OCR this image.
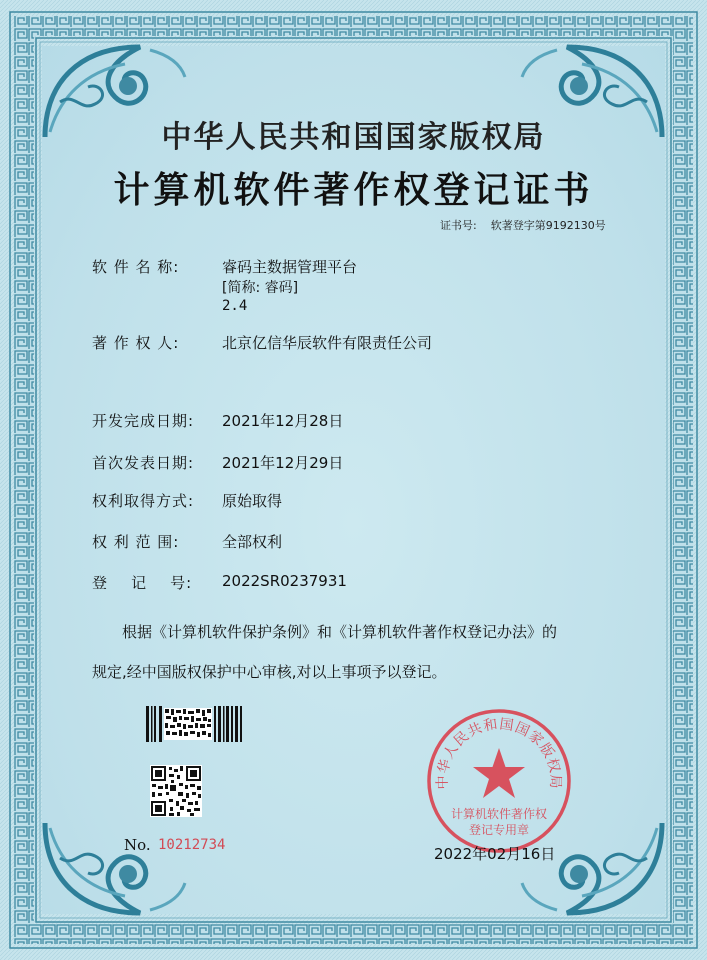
中华人民共和国国家版权局
计算机软件著作权登记证书
证书号: 软著登字第9192130号
软 件 名 称:	睿码主数据管理平台
[简称: 睿码]
2.4
著 作 权 人:	北京亿信华辰软件有限责任公司
开发完成日期: 2021年12月28日
首次发表日期: 2021年12月29日
权利取得方式: 原始取得
权 利 范 围:	全部权利
登    记    号: 2022SR0237931
根据《计算机软件保护条例》和《计算机软件著作权登记办法》的
规定,经中国版权保护中心审核,对以上事项予以登记。
No. 10212734
中华人民共和国国家版权局
计算机软件著作权
登记专用章
2022年02月16日
